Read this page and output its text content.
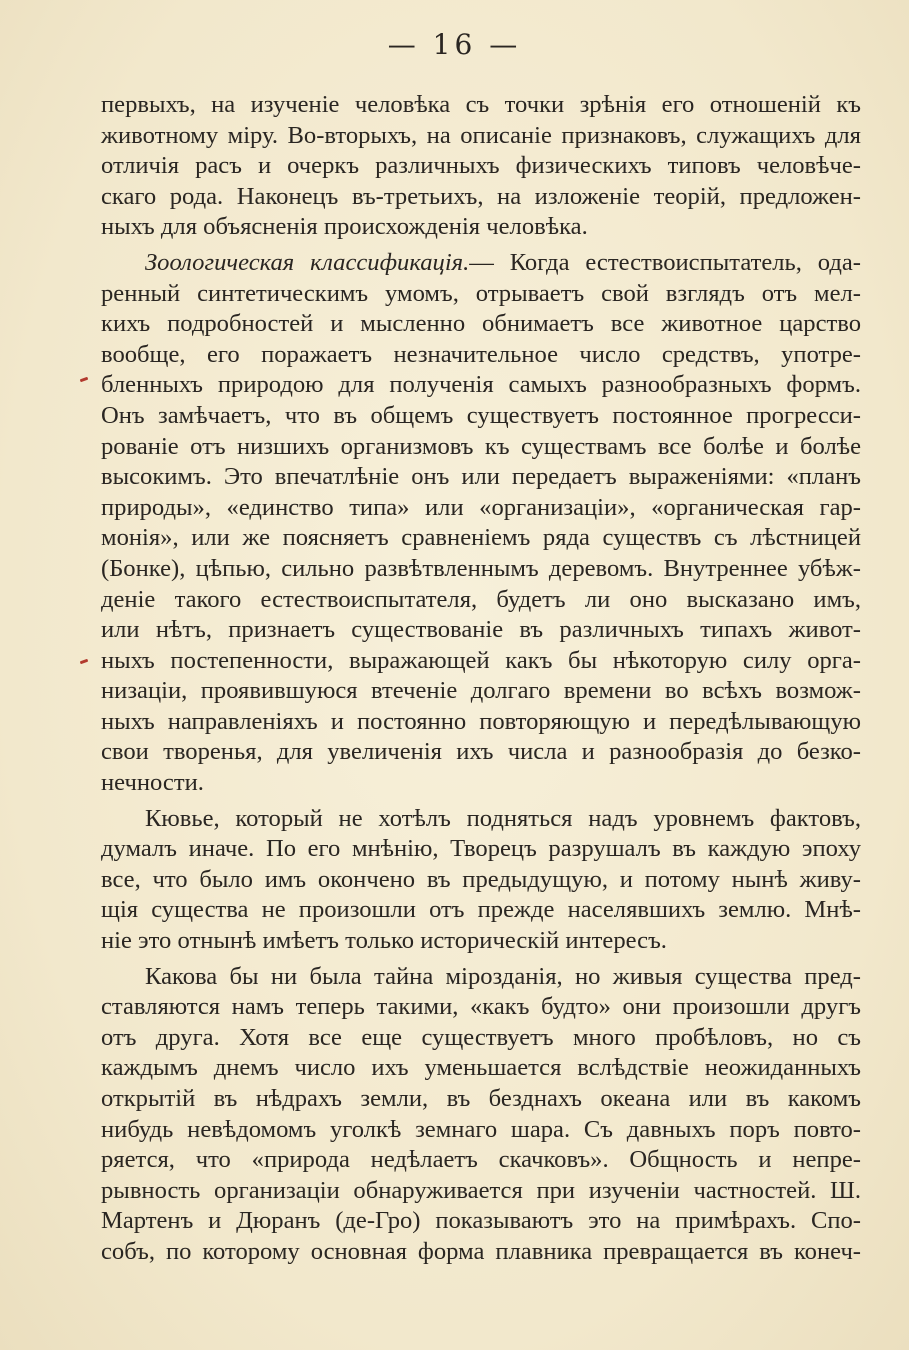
— 16 —
первыхъ, на изученіе человѣка съ точки зрѣнія его отношеній къ
животному міру. Во-вторыхъ, на описаніе признаковъ, служащихъ для
отличія расъ и очеркъ различныхъ физическихъ типовъ человѣче-
скаго рода. Наконецъ въ-третьихъ, на изложеніе теорій, предложен-
ныхъ для объясненія происхожденія человѣка.
Зоологическая классификація.— Когда естествоиспытатель, ода-
ренный синтетическимъ умомъ, отрываетъ свой взглядъ отъ мел-
кихъ подробностей и мысленно обнимаетъ все животное царство
вообще, его поражаетъ незначительное число средствъ, употре-
бленныхъ природою для полученія самыхъ разнообразныхъ формъ.
Онъ замѣчаетъ, что въ общемъ существуетъ постоянное прогресси-
рованіе отъ низшихъ организмовъ къ существамъ все болѣе и болѣе
высокимъ. Это впечатлѣніе онъ или передаетъ выраженіями: «планъ
природы», «единство типа» или «организаціи», «органическая гар-
монія», или же поясняетъ сравненіемъ ряда существъ съ лѣстницей
(Бонке), цѣпью, сильно развѣтвленнымъ деревомъ. Внутреннее убѣж-
деніе такого естествоиспытателя, будетъ ли оно высказано имъ,
или нѣтъ, признаетъ существованіе въ различныхъ типахъ живот-
ныхъ постепенности, выражающей какъ бы нѣкоторую силу орга-
низаціи, проявившуюся втеченіе долгаго времени во всѣхъ возмож-
ныхъ направленіяхъ и постоянно повторяющую и передѣлывающую
свои творенья, для увеличенія ихъ числа и разнообразія до безко-
нечности.
Кювье, который не хотѣлъ подняться надъ уровнемъ фактовъ,
думалъ иначе. По его мнѣнію, Творецъ разрушалъ въ каждую эпоху
все, что было имъ окончено въ предыдущую, и потому нынѣ живу-
щія существа не произошли отъ прежде населявшихъ землю. Мнѣ-
ніе это отнынѣ имѣетъ только историческій интересъ.
Какова бы ни была тайна мірозданія, но живыя существа пред-
ставляются намъ теперь такими, «какъ будто» они произошли другъ
отъ друга. Хотя все еще существуетъ много пробѣловъ, но съ
каждымъ днемъ число ихъ уменьшается вслѣдствіе неожиданныхъ
открытій въ нѣдрахъ земли, въ безднахъ океана или въ какомъ
нибудь невѣдомомъ уголкѣ земнаго шара. Съ давныхъ поръ повто-
ряется, что «природа недѣлаетъ скачковъ». Общность и непре-
рывность организаціи обнаруживается при изученіи частностей. Ш.
Мартенъ и Дюранъ (де-Гро) показываютъ это на примѣрахъ. Спо-
собъ, по которому основная форма плавника превращается въ конеч-
